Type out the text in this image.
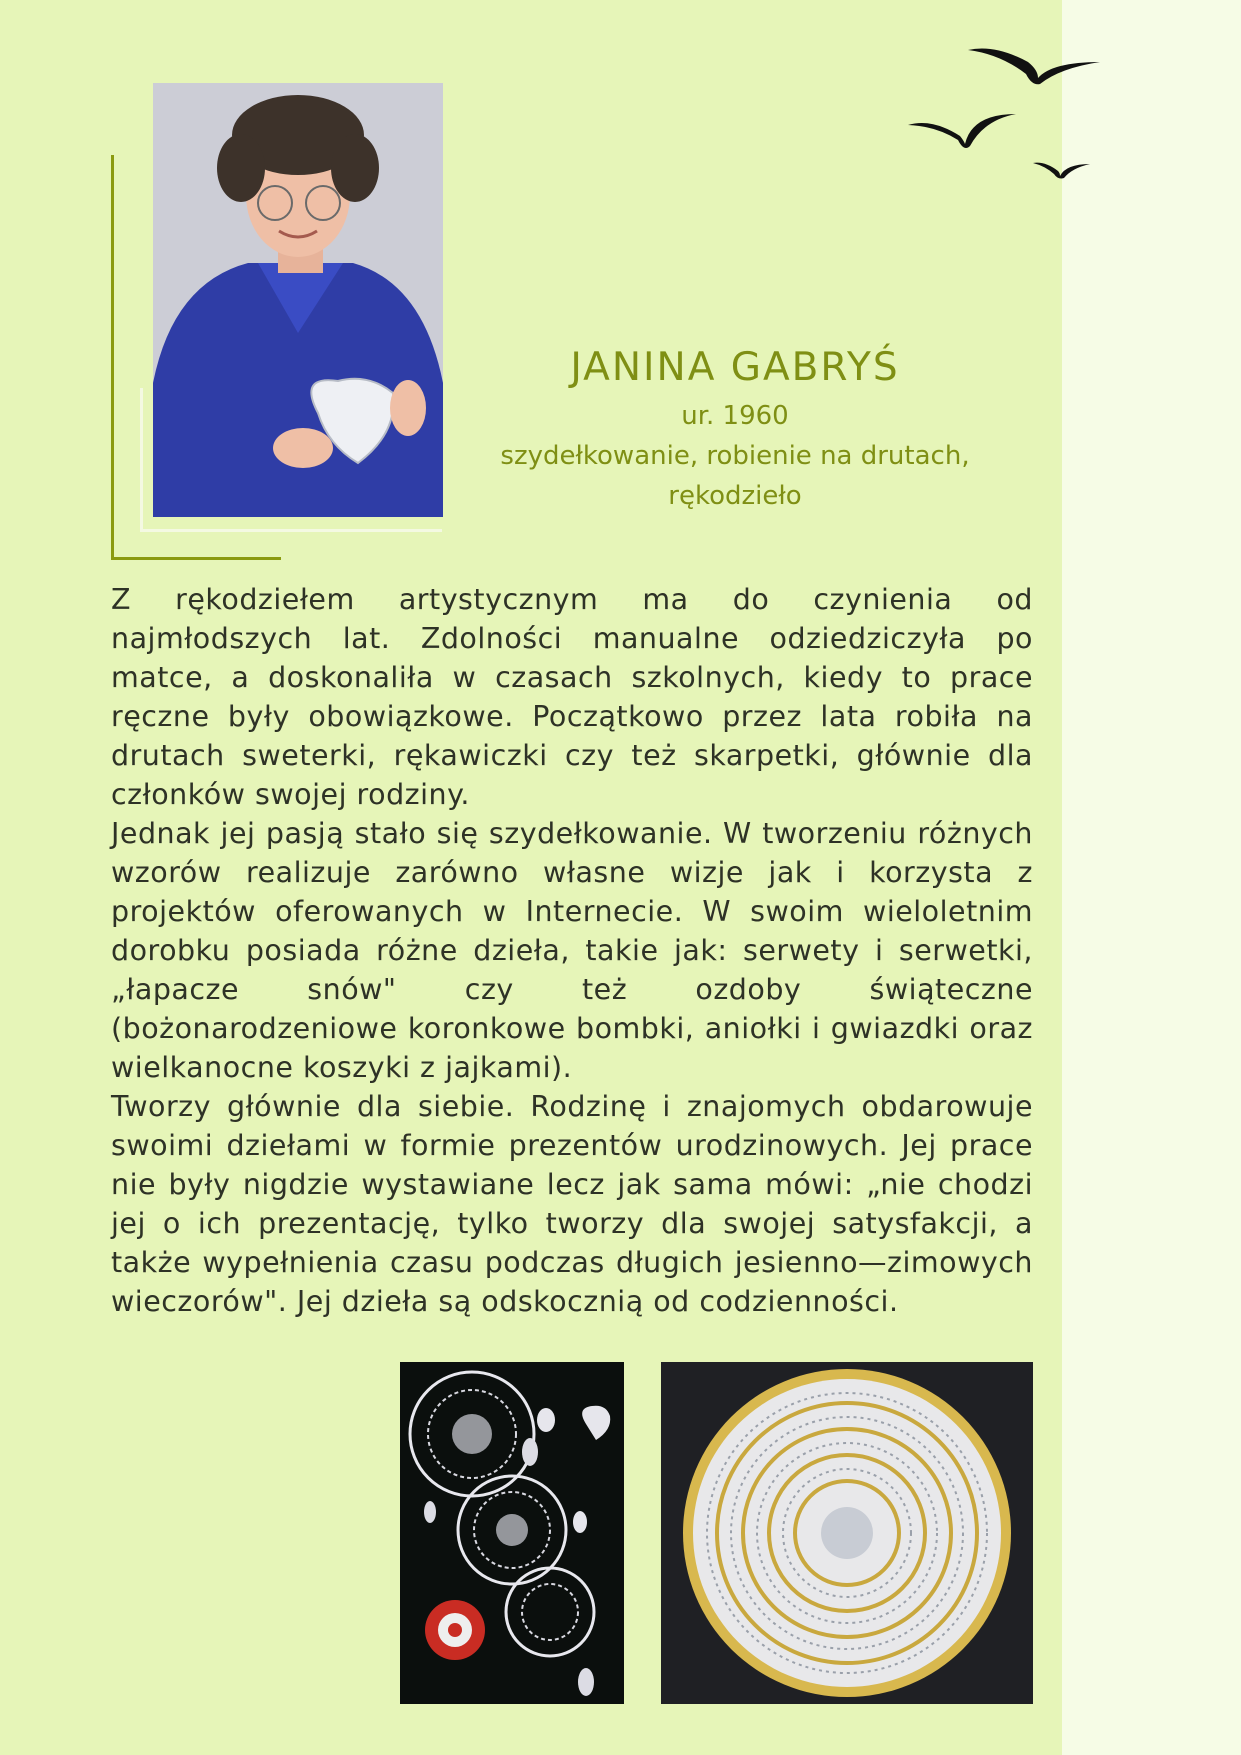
JANINA GABRYŚ
ur. 1960
szydełkowanie, robienie na drutach,
rękodzieło

Z rękodziełem artystycznym ma do czynienia od najmłodszych lat. Zdolności manualne odziedziczyła po matce, a doskonaliła w czasach szkolnych, kiedy to prace ręczne były obowiązkowe. Początkowo przez lata robiła na drutach sweterki, rękawiczki czy też skarpetki, głównie dla członków swojej rodziny.

Jednak jej pasją stało się szydełkowanie. W tworzeniu różnych wzorów realizuje zarówno własne wizje jak i korzysta z projektów oferowanych w Internecie. W swoim wieloletnim dorobku posiada różne dzieła, takie jak: serwety i serwetki, „łapacze snów" czy też ozdoby świąteczne (bożonarodzeniowe koronkowe bombki, aniołki i gwiazdki oraz wielkanocne koszyki z jajkami).

Tworzy głównie dla siebie. Rodzinę i znajomych obdarowuje swoimi dziełami w formie prezentów urodzinowych. Jej prace nie były nigdzie wystawiane lecz jak sama mówi: „nie chodzi jej o ich prezentację, tylko tworzy dla swojej satysfakcji, a także wypełnienia czasu podczas długich jesienno—zimowych wieczorów". Jej dzieła są odskocznią od codzienności.
